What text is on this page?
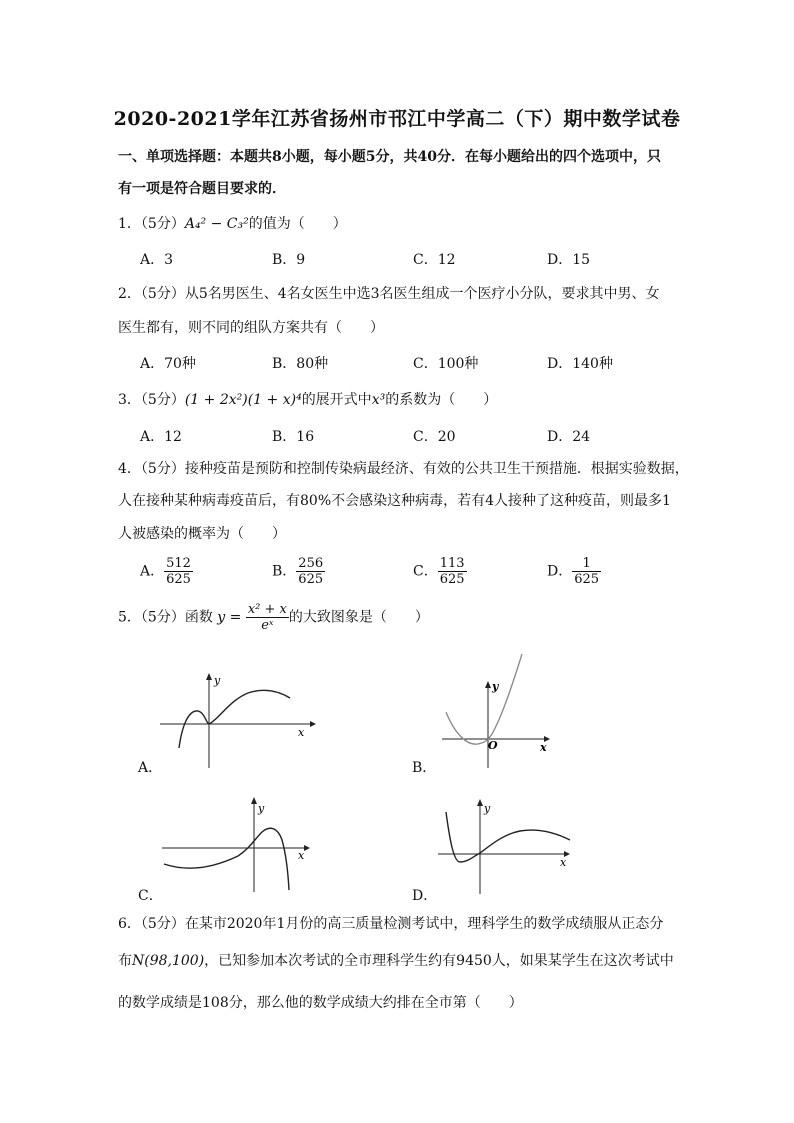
2020-2021学年江苏省扬州市邗江中学高二（下）期中数学试卷
一、单项选择题：本题共8小题，每小题5分，共40分．在每小题给出的四个选项中，只
有一项是符合题目要求的．
1．（5分）A₄² − C₃²的值为（　　）
A．3	B．9	C．12	D．15
2．（5分）从5名男医生、4名女医生中选3名医生组成一个医疗小分队，要求其中男、女
医生都有，则不同的组队方案共有（　　）
A．70种	B．80种	C．100种	D．140种
3．（5分）(1 + 2x²)(1 + x)⁴的展开式中x³的系数为（　　）
A．12	B．16	C．20	D．24
4．（5分）接种疫苗是预防和控制传染病最经济、有效的公共卫生干预措施．根据实验数据，
人在接种某种病毒疫苗后，有80%不会感染这种病毒，若有4人接种了这种疫苗，则最多1
人被感染的概率为（　　）
A． $\frac{512}{625}$	B． $\frac{256}{625}$	C． $\frac{113}{625}$	D． $\frac{1}{625}$
5．（5分）函数 $y = \frac{\text{x² + x}}{\text{eˣ}}$ 的大致图象是（　　）
y
x
A．
y
x
O
B．
y
x
C．
y
x
D．
6．（5分）在某市2020年1月份的高三质量检测考试中，理科学生的数学成绩服从正态分
布N(98,100)，已知参加本次考试的全市理科学生约有9450人，如果某学生在这次考试中
的数学成绩是108分，那么他的数学成绩大约排在全市第（　　）
